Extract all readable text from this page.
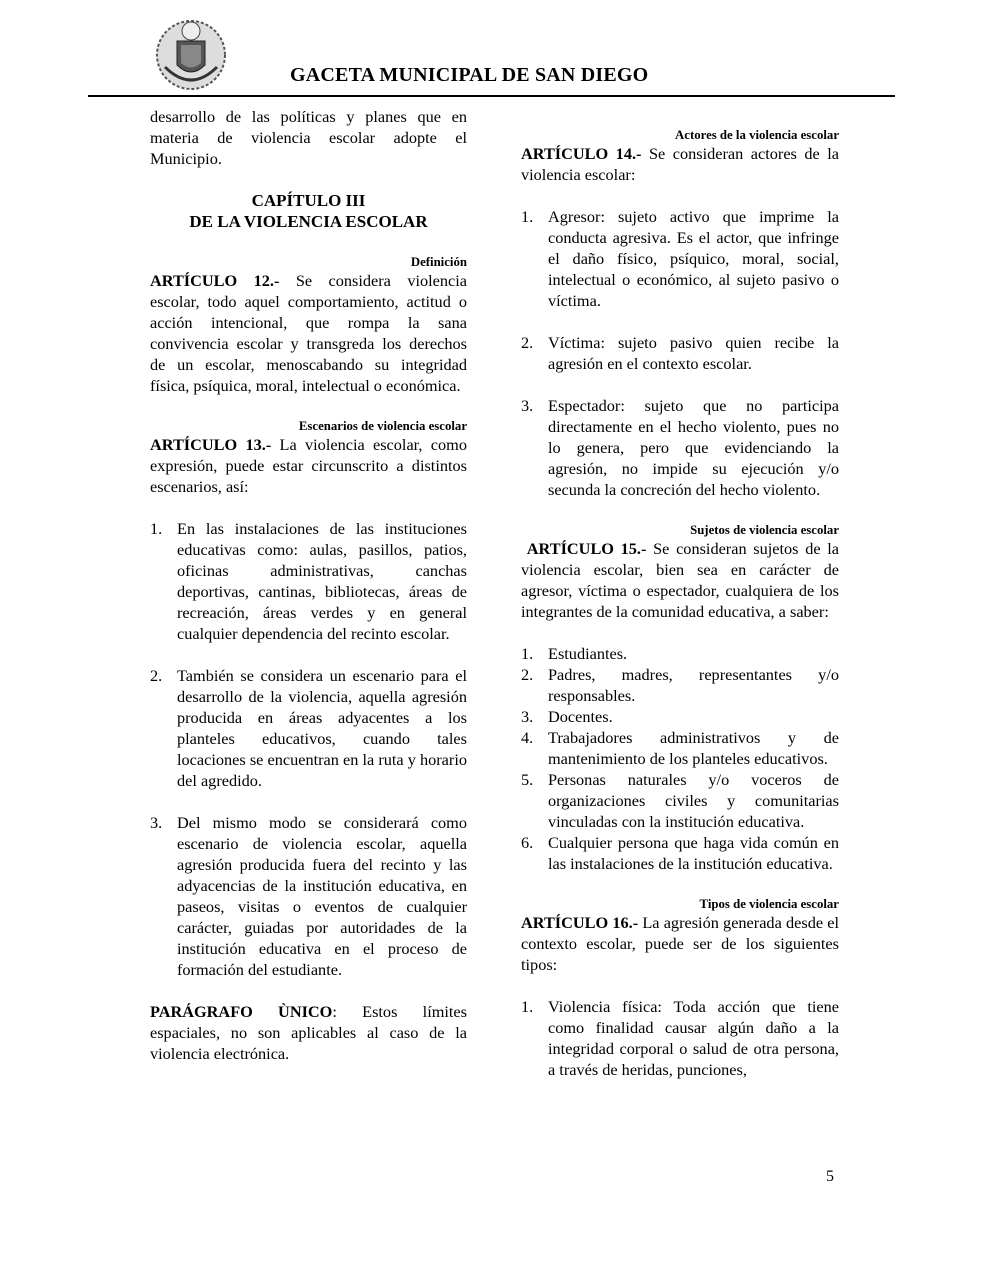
GACETA MUNICIPAL DE SAN DIEGO

desarrollo de las políticas y planes que en materia de violencia escolar adopte el Municipio.

CAPÍTULO III
DE LA VIOLENCIA ESCOLAR
Definición

ARTÍCULO 12.- Se considera violencia escolar, todo aquel comportamiento, actitud o acción intencional, que rompa la sana convivencia escolar y transgreda los derechos de un escolar, menoscabando su integridad física, psíquica, moral, intelectual o económica.

Escenarios de violencia escolar

ARTÍCULO 13.- La violencia escolar, como expresión, puede estar circunscrito a distintos escenarios, así:

1. En las instalaciones de las instituciones educativas como: aulas, pasillos, patios, oficinas administrativas, canchas deportivas, cantinas, bibliotecas, áreas de recreación, áreas verdes y en general cualquier dependencia del recinto escolar.
2. También se considera un escenario para el desarrollo de la violencia, aquella agresión producida en áreas adyacentes a los planteles educativos, cuando tales locaciones se encuentran en la ruta y horario del agredido.
3. Del mismo modo se considerará como escenario de violencia escolar, aquella agresión producida fuera del recinto y las adyacencias de la institución educativa, en paseos, visitas o eventos de cualquier carácter, guiadas por autoridades de la institución educativa en el proceso de formación del estudiante.

PARÁGRAFO ÙNICO: Estos límites espaciales, no son aplicables al caso de la violencia electrónica.

Actores de la violencia escolar

ARTÍCULO 14.- Se consideran actores de la violencia escolar:

1. Agresor: sujeto activo que imprime la conducta agresiva. Es el actor, que infringe el daño físico, psíquico, moral, social, intelectual o económico, al sujeto pasivo o víctima.
2. Víctima: sujeto pasivo quien recibe la agresión en el contexto escolar.
3. Espectador: sujeto que no participa directamente en el hecho violento, pues no lo genera, pero que evidenciando la agresión, no impide su ejecución y/o secunda la concreción del hecho violento.
Sujetos de violencia escolar

ARTÍCULO 15.- Se consideran sujetos de la violencia escolar, bien sea en carácter de agresor, víctima o espectador, cualquiera de los integrantes de la comunidad educativa, a saber:

1. Estudiantes.
2. Padres, madres, representantes y/o responsables.
3. Docentes.
4. Trabajadores administrativos y de mantenimiento de los planteles educativos.
5. Personas naturales y/o voceros de organizaciones civiles y comunitarias vinculadas con la institución educativa.
6. Cualquier persona que haga vida común en las instalaciones de la institución educativa.
Tipos de violencia escolar

ARTÍCULO 16.- La agresión generada desde el contexto escolar, puede ser de los siguientes tipos:

1. Violencia física: Toda acción que tiene como finalidad causar algún daño a la integridad corporal o salud de otra persona, a través de heridas, punciones,
5
